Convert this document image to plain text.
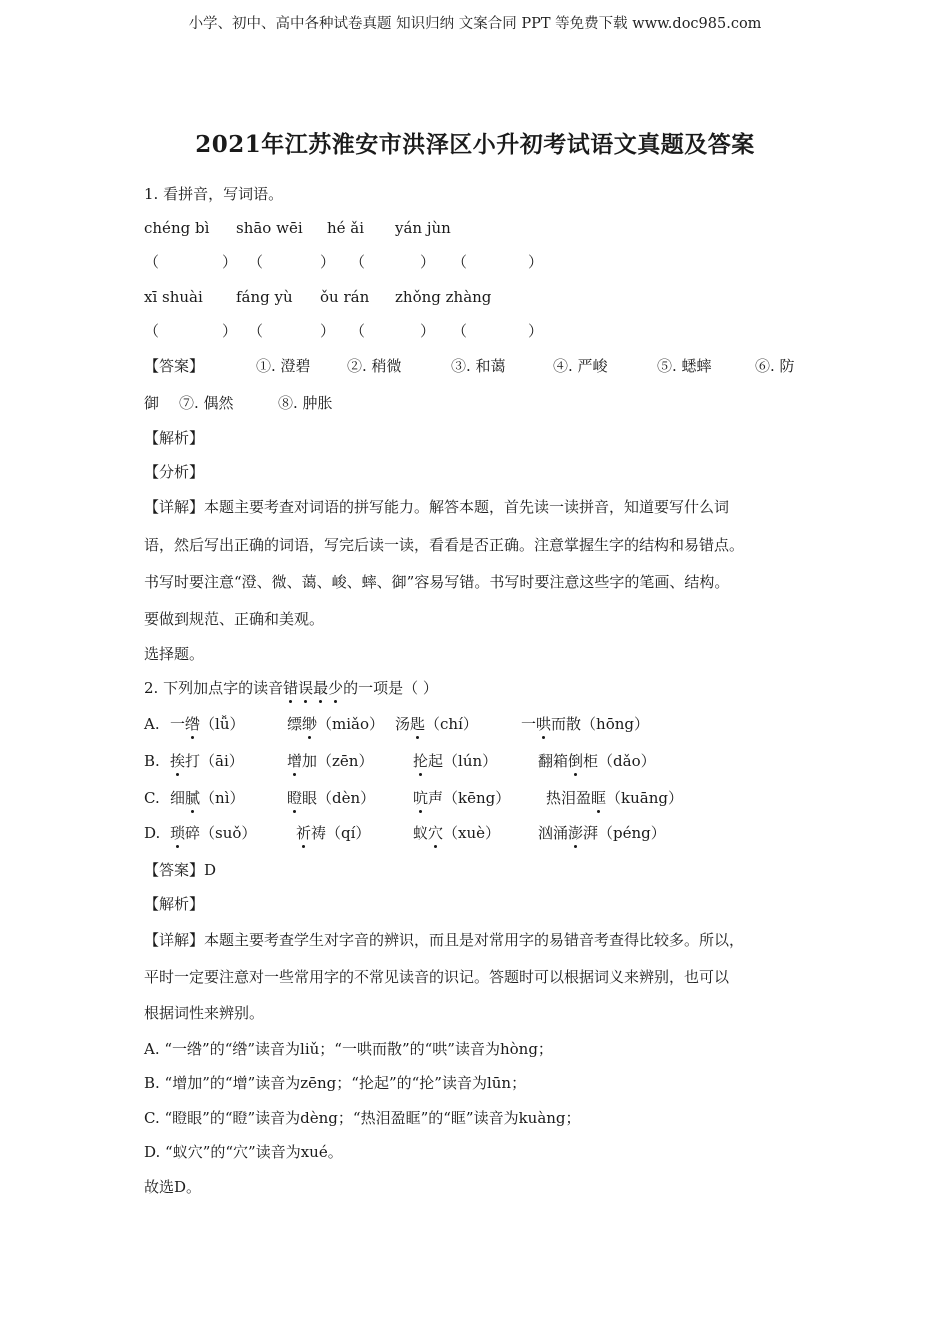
小学、初中、高中各种试卷真题 知识归纳 文案合同 PPT 等免费下载 www.doc985.com
2021年江苏淮安市洪泽区小升初考试语文真题及答案
1. 看拼音，写词语。
chéng bì shāo wēi hé ǎi yán jùn
（	） （	） （	） （	）
xī shuài fáng yù ǒu rán zhǒng zhàng
（	） （	） （	） （	）
【答案】	①. 澄碧 ②. 稍微	③. 和蔼	④. 严峻	⑤. 蟋蟀	⑥. 防
御 ⑦. 偶然	⑧. 肿胀
【解析】
【分析】
【详解】本题主要考查对词语的拼写能力。解答本题，首先读一读拼音，知道要写什么词
语，然后写出正确的词语，写完后读一读，看看是否正确。注意掌握生字的结构和易错点。
书写时要注意“澄、微、蔼、峻、蟀、御”容易写错。书写时要注意这些字的笔画、结构。
要做到规范、正确和美观。
选择题。
2. 下列加点字的读音错误最少的一项是（ ）
A. 一绺（lǚ）	缥缈（miǎo） 汤匙（chí）	一哄而散（hōng）
B. 挨打（āi）	增加（zēn）	抡起（lún）	翻箱倒柜（dǎo）
C. 细腻（nì）	瞪眼（dèn）	吭声（kēng） 热泪盈眶（kuāng）
D. 琐碎（suǒ）	祈祷（qí）	蚁穴（xuè）	汹涌澎湃（péng）
【答案】D
【解析】
【详解】本题主要考查学生对字音的辨识，而且是对常用字的易错音考查得比较多。所以，
平时一定要注意对一些常用字的不常见读音的识记。答题时可以根据词义来辨别，也可以
根据词性来辨别。
A. “一绺”的“绺”读音为liǔ；“一哄而散”的“哄”读音为hòng；
B. “增加”的“增”读音为zēng；“抡起”的“抡”读音为lūn；
C. “瞪眼”的“瞪”读音为dèng；“热泪盈眶”的“眶”读音为kuàng；
D. “蚁穴”的“穴”读音为xué。
故选D。
